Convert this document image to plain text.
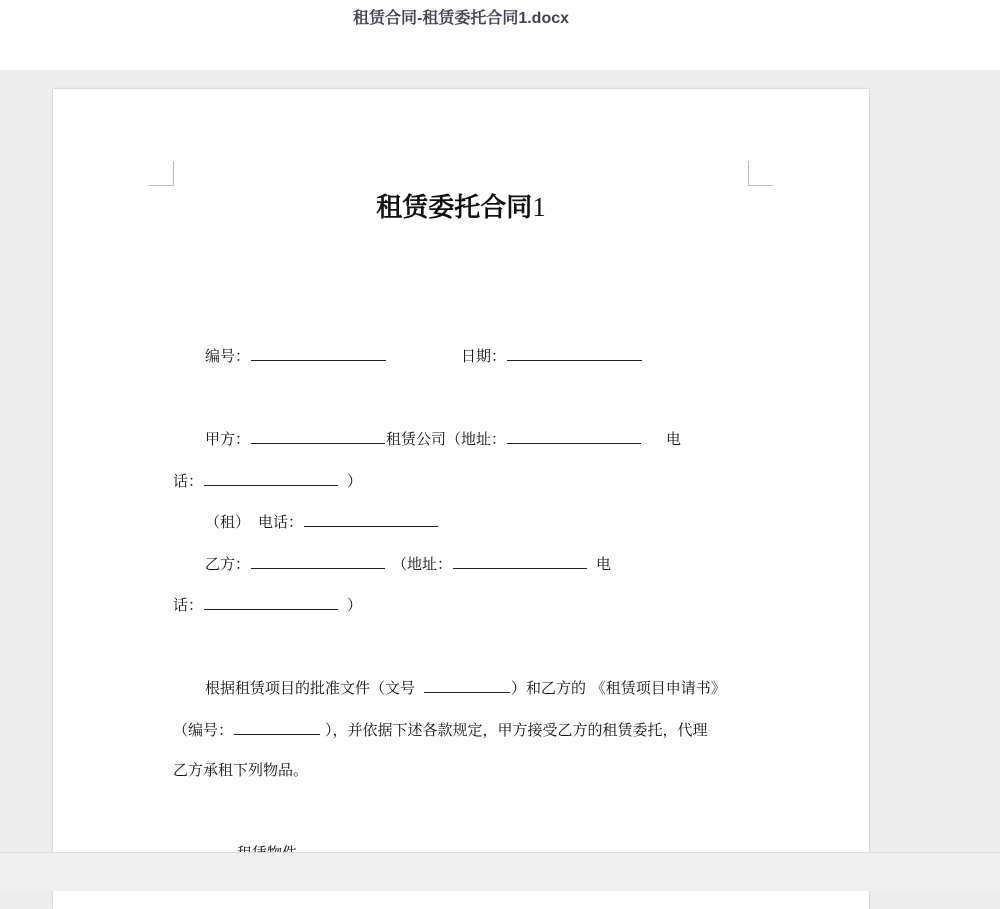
租赁合同-租赁委托合同1.docx
租赁委托合同1
编号：	日期：
甲方：	租赁公司（地址：	电
话：	）
（租） 电话：
乙方：	（地址：	电
话：	）
根据租赁项目的批准文件（文号	）和乙方的 《租赁项目申请书》
（编号：	），并依据下述各款规定，甲方接受乙方的租赁委托，代理
乙方承租下列物品。
